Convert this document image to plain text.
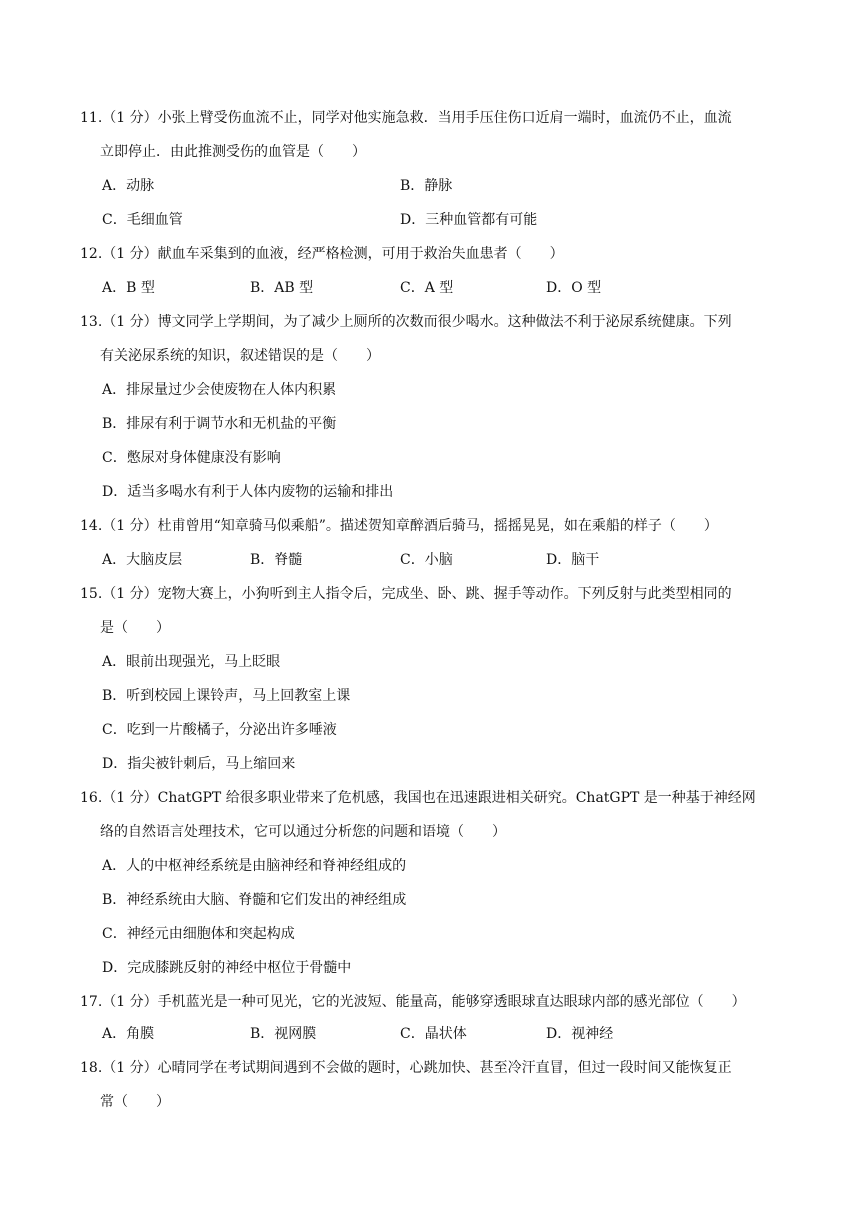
11.（1 分）小张上臂受伤血流不止，同学对他实施急救．当用手压住伤口近肩一端时，血流仍不止，血流
立即停止．由此推测受伤的血管是（　　）
A．动脉	B．静脉
C．毛细血管	D．三种血管都有可能
12.（1 分）献血车采集到的血液，经严格检测，可用于救治失血患者（　　）
A．B 型	B．AB 型	C．A 型	D．O 型
13.（1 分）博文同学上学期间，为了减少上厕所的次数而很少喝水。这种做法不利于泌尿系统健康。下列
有关泌尿系统的知识，叙述错误的是（　　）
A．排尿量过少会使废物在人体内积累
B．排尿有利于调节水和无机盐的平衡
C．憋尿对身体健康没有影响
D．适当多喝水有利于人体内废物的运输和排出
14.（1 分）杜甫曾用“知章骑马似乘船”。描述贺知章醉酒后骑马，摇摇晃晃，如在乘船的样子（　　）
A．大脑皮层	B．脊髓	C．小脑	D．脑干
15.（1 分）宠物大赛上，小狗听到主人指令后，完成坐、卧、跳、握手等动作。下列反射与此类型相同的
是（　　）
A．眼前出现强光，马上眨眼
B．听到校园上课铃声，马上回教室上课
C．吃到一片酸橘子，分泌出许多唾液
D．指尖被针刺后，马上缩回来
16.（1 分）ChatGPT 给很多职业带来了危机感，我国也在迅速跟进相关研究。ChatGPT 是一种基于神经网
络的自然语言处理技术，它可以通过分析您的问题和语境（　　）
A．人的中枢神经系统是由脑神经和脊神经组成的
B．神经系统由大脑、脊髓和它们发出的神经组成
C．神经元由细胞体和突起构成
D．完成膝跳反射的神经中枢位于骨髓中
17.（1 分）手机蓝光是一种可见光，它的光波短、能量高，能够穿透眼球直达眼球内部的感光部位（　　）
A．角膜	B．视网膜	C．晶状体	D．视神经
18.（1 分）心晴同学在考试期间遇到不会做的题时，心跳加快、甚至冷汗直冒，但过一段时间又能恢复正
常（　　）
